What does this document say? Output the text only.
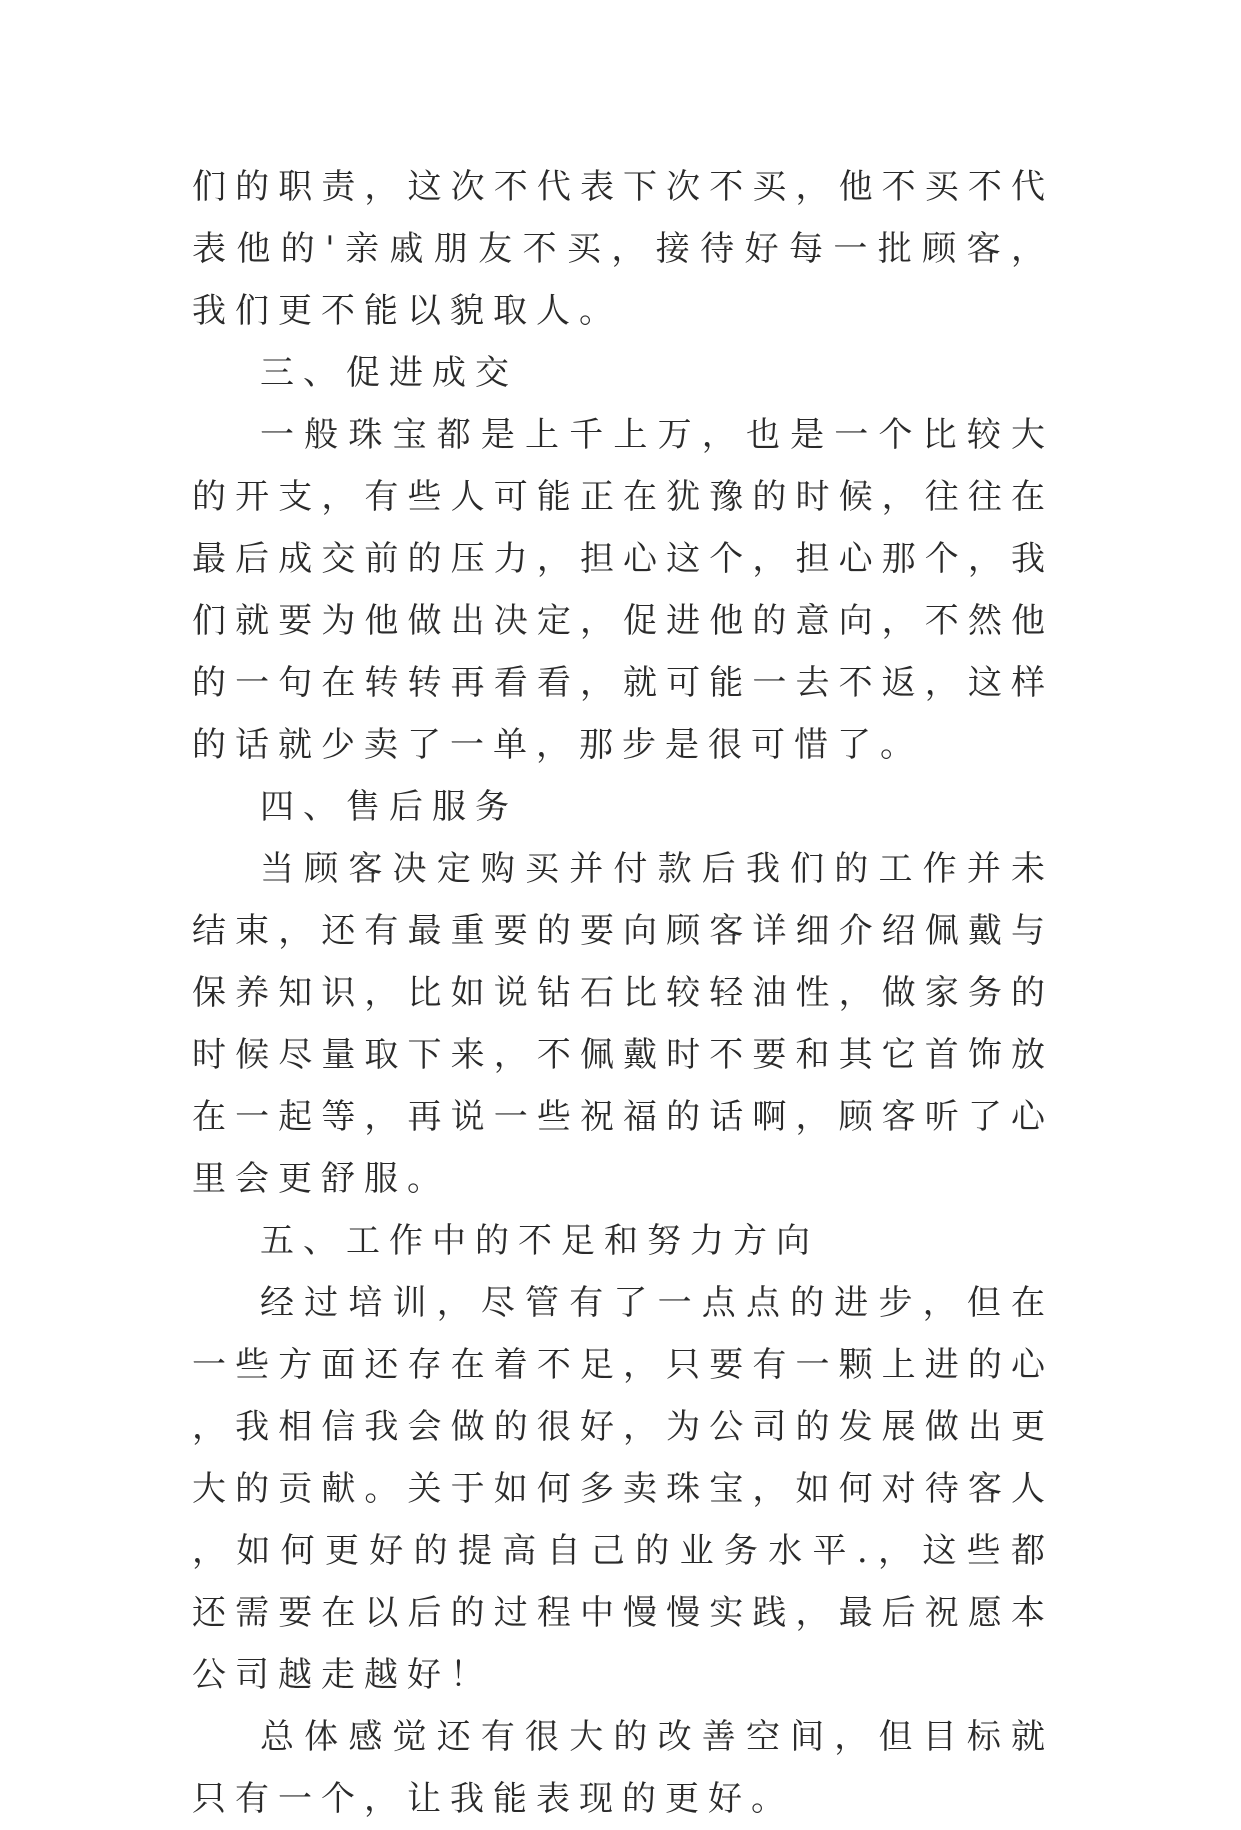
们的职责，这次不代表下次不买，他不买不代表他的'亲戚朋友不买，接待好每一批顾客，我们更不能以貌取人。

三、促进成交

一般珠宝都是上千上万，也是一个比较大的开支，有些人可能正在犹豫的时候，往往在最后成交前的压力，担心这个，担心那个，我们就要为他做出决定，促进他的意向，不然他的一句在转转再看看，就可能一去不返，这样的话就少卖了一单，那步是很可惜了。

四、售后服务

当顾客决定购买并付款后我们的工作并未结束，还有最重要的要向顾客详细介绍佩戴与保养知识，比如说钻石比较轻油性，做家务的时候尽量取下来，不佩戴时不要和其它首饰放在一起等，再说一些祝福的话啊，顾客听了心里会更舒服。

五、工作中的不足和努力方向

经过培训，尽管有了一点点的进步，但在一些方面还存在着不足，只要有一颗上进的心，我相信我会做的很好，为公司的发展做出更大的贡献。关于如何多卖珠宝，如何对待客人，如何更好的提高自己的业务水平.，这些都还需要在以后的过程中慢慢实践，最后祝愿本公司越走越好！

总体感觉还有很大的改善空间，但目标就只有一个，让我能表现的更好。
